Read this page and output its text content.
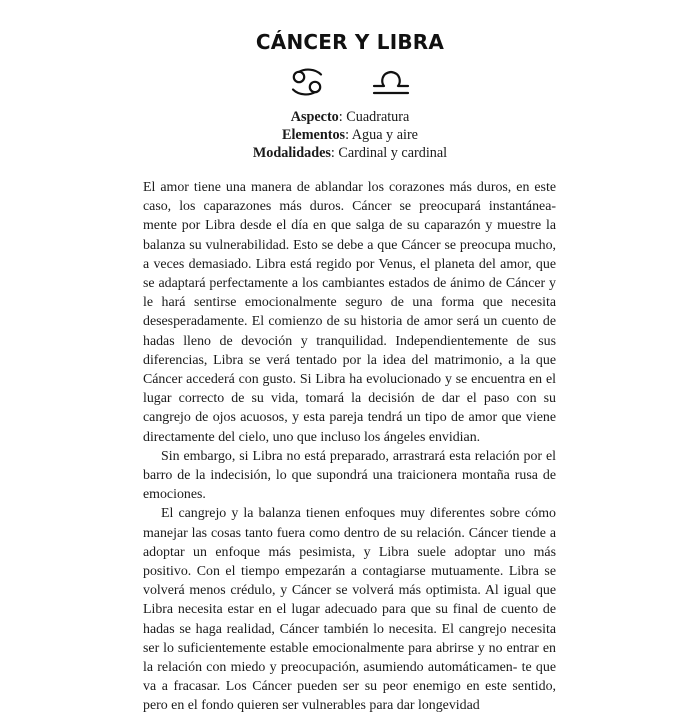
CÁNCER Y LIBRA
Aspecto: Cuadratura
Elementos: Agua y aire
Modalidades: Cardinal y cardinal

El amor tiene una manera de ablandar los corazones más duros, en este caso, los caparazones más duros. Cáncer se preocupará instantánea- mente por Libra desde el día en que salga de su caparazón y muestre la balanza su vulnerabilidad. Esto se debe a que Cáncer se preocupa mucho, a veces demasiado. Libra está regido por Venus, el planeta del amor, que se adaptará perfectamente a los cambiantes estados de ánimo de Cáncer y le hará sentirse emocionalmente seguro de una forma que necesita desesperadamente. El comienzo de su historia de amor será un cuento de hadas lleno de devoción y tranquilidad. Independientemente de sus diferencias, Libra se verá tentado por la idea del matrimonio, a la que Cáncer accederá con gusto. Si Libra ha evolucionado y se encuentra en el lugar correcto de su vida, tomará la decisión de dar el paso con su cangrejo de ojos acuosos, y esta pareja tendrá un tipo de amor que viene directamente del cielo, uno que incluso los ángeles envidian.

Sin embargo, si Libra no está preparado, arrastrará esta relación por el barro de la indecisión, lo que supondrá una traicionera montaña rusa de emociones.

El cangrejo y la balanza tienen enfoques muy diferentes sobre cómo manejar las cosas tanto fuera como dentro de su relación. Cáncer tiende a adoptar un enfoque más pesimista, y Libra suele adoptar uno más positivo. Con el tiempo empezarán a contagiarse mutuamente. Libra se volverá menos crédulo, y Cáncer se volverá más optimista. Al igual que Libra necesita estar en el lugar adecuado para que su final de cuento de hadas se haga realidad, Cáncer también lo necesita. El cangrejo necesita ser lo suficientemente estable emocionalmente para abrirse y no entrar en la relación con miedo y preocupación, asumiendo automáticamen- te que va a fracasar. Los Cáncer pueden ser su peor enemigo en este sentido, pero en el fondo quieren ser vulnerables para dar longevidad
